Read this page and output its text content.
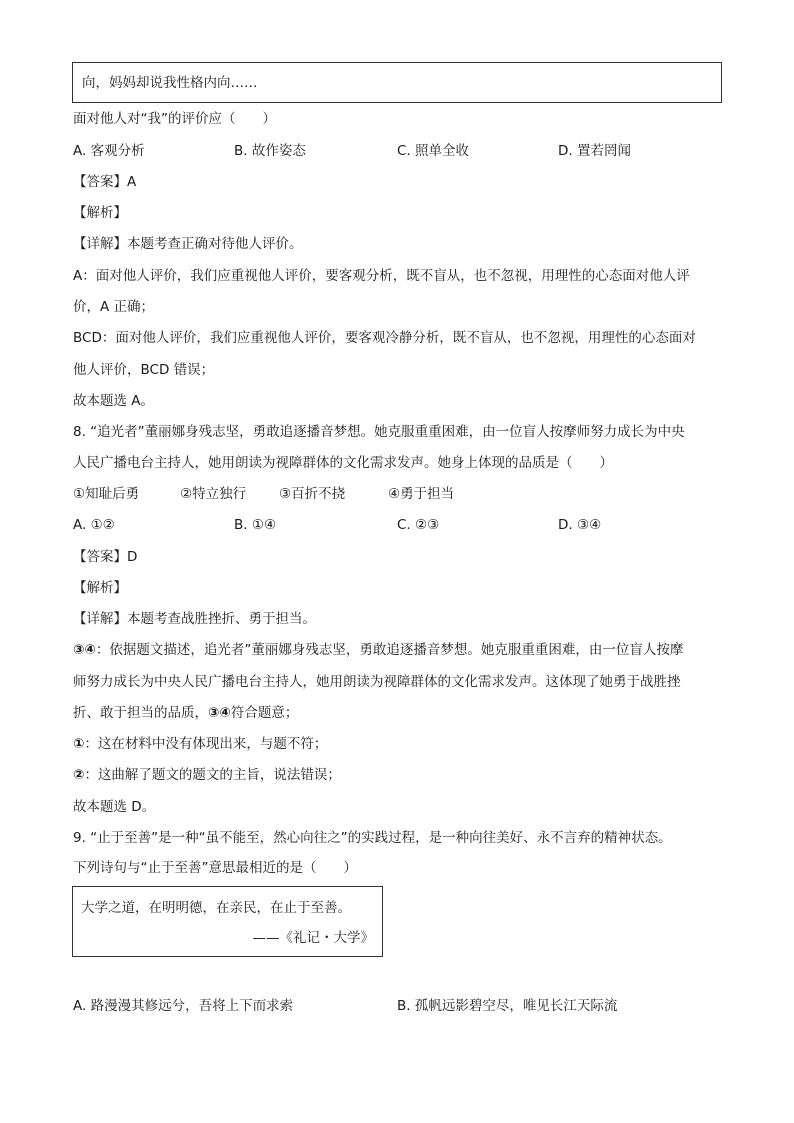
向，妈妈却说我性格内向……
面对他人对“我”的评价应（　　）
A. 客观分析	B. 故作姿态	C. 照单全收	D. 置若罔闻
【答案】A
【解析】
【详解】本题考查正确对待他人评价。
A：面对他人评价，我们应重视他人评价，要客观分析，既不盲从，也不忽视，用理性的心态面对他人评
价，A 正确；
BCD：面对他人评价，我们应重视他人评价，要客观冷静分析，既不盲从，也不忽视，用理性的心态面对
他人评价，BCD 错误；
故本题选 A。
8. “追光者”董丽娜身残志坚，勇敢追逐播音梦想。她克服重重困难，由一位盲人按摩师努力成长为中央
人民广播电台主持人，她用朗读为视障群体的文化需求发声。她身上体现的品质是（　　）
①知耻后勇	②特立独行 ③百折不挠	④勇于担当
A. ①②	B. ①④	C. ②③	D. ③④
【答案】D
【解析】
【详解】本题考查战胜挫折、勇于担当。
③④：依据题文描述，追光者”董丽娜身残志坚，勇敢追逐播音梦想。她克服重重困难，由一位盲人按摩
师努力成长为中央人民广播电台主持人，她用朗读为视障群体的文化需求发声。这体现了她勇于战胜挫
折、敢于担当的品质，③④符合题意；
①：这在材料中没有体现出来，与题不符；
②：这曲解了题文的题文的主旨，说法错误；
故本题选 D。
9. “止于至善”是一种“虽不能至，然心向往之”的实践过程，是一种向往美好、永不言弃的精神状态。
下列诗句与“止于至善”意思最相近的是（　　）
大学之道，在明明德，在亲民，在止于至善。
——《礼记・大学》
A. 路漫漫其修远兮，吾将上下而求索	B. 孤帆远影碧空尽，唯见长江天际流
